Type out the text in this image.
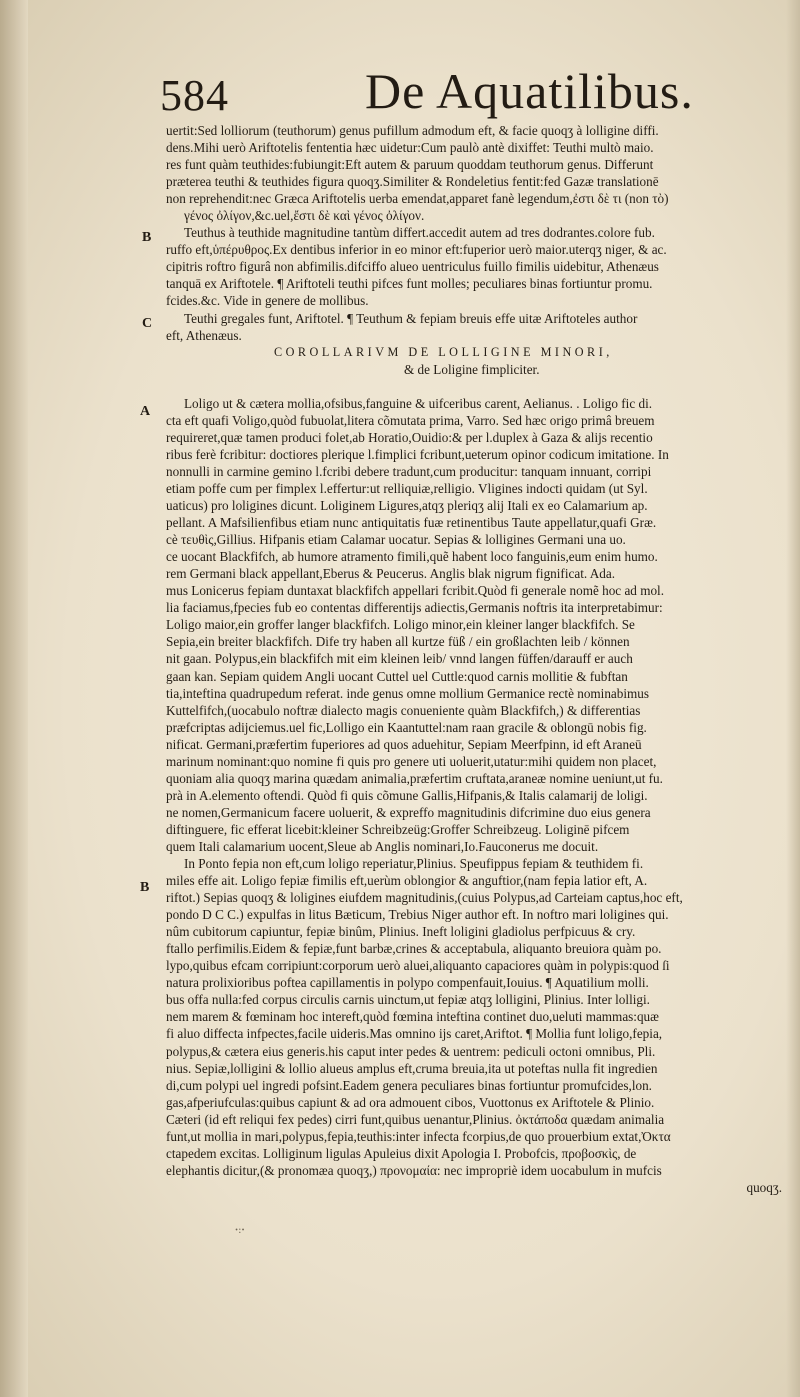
584	De Aquatilibus.
B
C
A
B
uertit:Sed lolliorum (teuthorum) genus pufillum admodum eft, & facie quoqʒ à lolligine diffi.
dens.Mihi uerò Ariftotelis fententia hæc uidetur:Cum paulò antè dixiffet: Teuthi multò maio.
res funt quàm teuthides:fubiungit:Eft autem & paruum quoddam teuthorum genus. Differunt
præterea teuthi & teuthides figura quoqʒ.Similiter & Rondeletius fentit:fed Gazæ translationē
non reprehendit:nec Græca Ariftotelis uerba emendat,apparet fanè legendum,ἐστι δὲ τι (non τὸ)
γένος ὀλίγον,&c.uel,ἔστι δὲ καὶ γένος ὀλίγον.
Teuthus à teuthide magnitudine tantùm differt.accedit autem ad tres dodrantes.colore fub.
ruffo eft,ὑπέρυθρος.Ex dentibus inferior in eo minor eft:fuperior uerò maior.uterqʒ niger, & ac.
cipitris roftro figurâ non abfimilis.difciffo alueo uentriculus fuillo fimilis uidebitur, Athenæus
tanquā ex Ariftotele. ¶ Ariftoteli teuthi pifces funt molles; peculiares binas fortiuntur promu.
fcides.&c. Vide in genere de mollibus.
Teuthi gregales funt, Ariftotel. ¶ Teuthum & fepiam breuis effe uitæ Ariftoteles author
eft, Athenæus.
COROLLARIVM DE LOLLIGINE MINORI,
& de Loligine fimpliciter.
Loligo ut & cætera mollia,ofsibus,fanguine & uifceribus carent, Aelianus. . Loligo fic di.
cta eft quafi Voligo,quòd fubuolat,litera cõmutata prima, Varro. Sed hæc origo primâ breuem
requireret,quæ tamen produci folet,ab Horatio,Ouidio:& per l.duplex à Gaza & alijs recentio
ribus ferè fcribitur: doctiores plerique l.fimplici fcribunt,ueterum opinor codicum imitatione. In
nonnulli in carmine gemino l.fcribi debere tradunt,cum producitur: tanquam innuant, corripi
etiam poffe cum per fimplex l.effertur:ut relliquiæ,relligio. Vligines indocti quidam (ut Syl.
uaticus) pro loligines dicunt. Loliginem Ligures,atqʒ pleriqʒ alij Itali ex eo Calamarium ap.
pellant. A Mafsilienfibus etiam nunc antiquitatis fuæ retinentibus Taute appellatur,quafi Græ.
cè τευθὶς,Gillius. Hifpanis etiam Calamar uocatur. Sepias & lolligines Germani una uo.
ce uocant Blackfifch, ab humore atramento fimili,quẽ habent loco fanguinis,eum enim humo.
rem Germani black appellant,Eberus & Peucerus. Anglis blak nigrum fignificat. Ada.
mus Lonicerus fepiam duntaxat blackfifch appellari fcribit.Quòd fi generale nomẽ hoc ad mol.
lia faciamus,fpecies fub eo contentas differentijs adiectis,Germanis noftris ita interpretabimur:
Loligo maior,ein groffer langer blackfifch. Loligo minor,ein kleiner langer blackfifch. Se
Sepia,ein breiter blackfifch. Dife try haben all kurtze füß / ein großlachten leib / können
nit gaan. Polypus,ein blackfifch mit eim kleinen leib/ vnnd langen füffen/darauff er auch
gaan kan. Sepiam quidem Angli uocant Cuttel uel Cuttle:quod carnis mollitie & fubftan
tia,inteftina quadrupedum referat. inde genus omne mollium Germanice rectè nominabimus
Kuttelfifch,(uocabulo noftræ dialecto magis conueniente quàm Blackfifch,) & differentias
præfcriptas adijciemus.uel fic,Lolligo ein Kaantuttel:nam raan gracile & oblongū nobis fig.
nificat. Germani,præfertim fuperiores ad quos aduehitur, Sepiam Meerfpinn, id eft Araneū
marinum nominant:quo nomine fi quis pro genere uti uoluerit,utatur:mihi quidem non placet,
quoniam alia quoqʒ marina quædam animalia,præfertim cruftata,araneæ nomine ueniunt,ut fu.
prà in A.elemento oftendi. Quòd fi quis cõmune Gallis,Hifpanis,& Italis calamarij de loligi.
ne nomen,Germanicum facere uoluerit, & expreffo magnitudinis difcrimine duo eius genera
diftinguere, fic efferat licebit:kleiner Schreibzeüg:Groffer Schreibzeug. Loliginē pifcem
quem Itali calamarium uocent,Sleue ab Anglis nominari,Io.Fauconerus me docuit.
In Ponto fepia non eft,cum loligo reperiatur,Plinius. Speufippus fepiam & teuthidem fi.
miles effe ait. Loligo fepiæ fimilis eft,uerùm oblongior & anguftior,(nam fepia latior eft, A.
riftot.) Sepias quoqʒ & loligines eiufdem magnitudinis,(cuius Polypus,ad Carteiam captus,hoc eft,
pondo D C C.) expulfas in litus Bæticum, Trebius Niger author eft. In noftro mari loligines qui.
nûm cubitorum capiuntur, fepiæ binûm, Plinius. Ineft loligini gladiolus perfpicuus & cry.
ftallo perfimilis.Eidem & fepiæ,funt barbæ,crines & acceptabula, aliquanto breuiora quàm po.
lypo,quibus efcam corripiunt:corporum uerò aluei,aliquanto capaciores quàm in polypis:quod ſi
natura prolixioribus poftea capillamentis in polypo compenfauit,Iouius. ¶ Aquatilium molli.
bus offa nulla:fed corpus circulis carnis uinctum,ut fepiæ atqʒ lolligini, Plinius. Inter lolligi.
nem marem & fœminam hoc intereft,quòd fœmina inteftina continet duo,ueluti mammas:quæ
fi aluo diffecta infpectes,facile uideris.Mas omnino ijs caret,Ariftot. ¶ Mollia funt loligo,fepia,
polypus,& cætera eius generis.his caput inter pedes & uentrem: pediculi octoni omnibus, Pli.
nius. Sepiæ,lolligini & lollio alueus amplus eft,cruma breuia,ita ut poteftas nulla fit ingredien
di,cum polypi uel ingredi pofsint.Eadem genera peculiares binas fortiuntur promufcides,lon.
gas,afperiufculas:quibus capiunt & ad ora admouent cibos, Vuottonus ex Ariftotele & Plinio.
Cæteri (id eft reliqui fex pedes) cirri funt,quibus uenantur,Plinius. ὀκτάποδα quædam animalia
funt,ut mollia in mari,polypus,fepia,teuthis:inter infecta fcorpius,de quo prouerbium extat,Ὀκτα
ctapedem excitas. Lolliginum ligulas Apuleius dixit Apologia I. Probofcis, προβοσκὶς, de
elephantis dicitur,(& pronomæa quoqʒ,) προνομαία: nec impropriè idem uocabulum in mufcis
quoqʒ.
ꞏ:ꞏ
